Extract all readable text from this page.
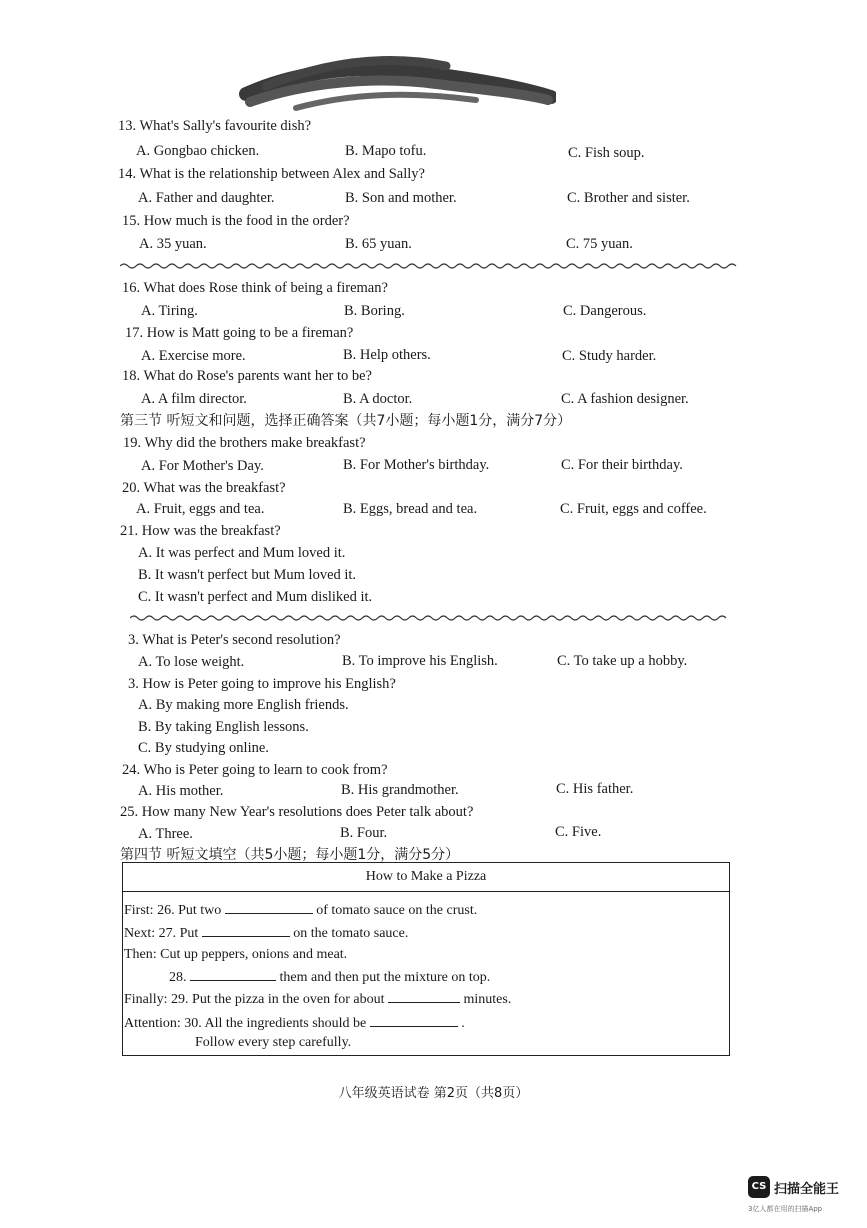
13. What's Sally's favourite dish?
A. Gongbao chicken.	B. Mapo tofu.	C. Fish soup.
14. What is the relationship between Alex and Sally?
A. Father and daughter.	B. Son and mother.	C. Brother and sister.
15. How much is the food in the order?
A. 35 yuan.	B. 65 yuan.	C. 75 yuan.
16. What does Rose think of being a fireman?
A. Tiring.	B. Boring.	C. Dangerous.
17. How is Matt going to be a fireman?
A. Exercise more.	B. Help others.	C. Study harder.
18. What do Rose's parents want her to be?
A. A film director.	B. A doctor.	C. A fashion designer.
第三节 听短文和问题，选择正确答案（共7小题；每小题1分，满分7分）
19. Why did the brothers make breakfast?
A. For Mother's Day.	B. For Mother's birthday.	C. For their birthday.
20. What was the breakfast?
A. Fruit, eggs and tea.	B. Eggs, bread and tea.	C. Fruit, eggs and coffee.
21. How was the breakfast?
A. It was perfect and Mum loved it.
B. It wasn't perfect but Mum loved it.
C. It wasn't perfect and Mum disliked it.
3. What is Peter's second resolution?
A. To lose weight.	B. To improve his English.	C. To take up a hobby.
3. How is Peter going to improve his English?
A. By making more English friends.
B. By taking English lessons.
C. By studying online.
24. Who is Peter going to learn to cook from?
A. His mother.	B. His grandmother.	C. His father.
25. How many New Year's resolutions does Peter talk about?
A. Three.	B. Four.	C. Five.
第四节 听短文填空（共5小题；每小题1分，满分5分）
How to Make a Pizza
First: 26. Put two	of tomato sauce on the crust.
Next: 27. Put	on the tomato sauce.
Then: Cut up peppers, onions and meat.
28.	them and then put the mixture on top.
Finally: 29. Put the pizza in the oven for about	minutes.
Attention: 30. All the ingredients should be	.
Follow every step carefully.
八年级英语试卷 第2页（共8页）
CS 扫描全能王
3亿人都在用的扫描App
